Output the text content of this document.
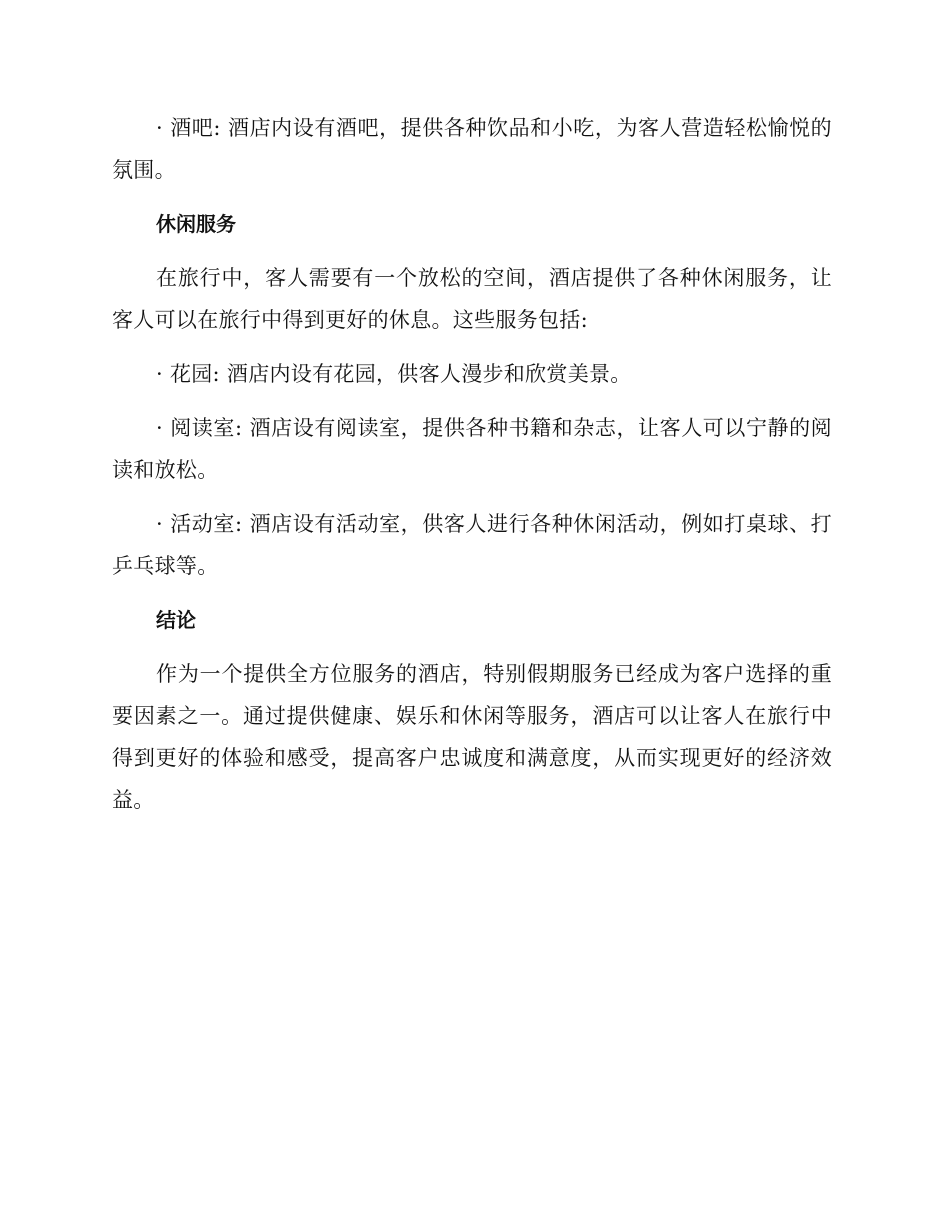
· 酒吧: 酒店内设有酒吧，提供各种饮品和小吃，为客人营造轻松愉悦的氛围。

休闲服务

在旅行中，客人需要有一个放松的空间，酒店提供了各种休闲服务，让客人可以在旅行中得到更好的休息。这些服务包括:

· 花园: 酒店内设有花园，供客人漫步和欣赏美景。

· 阅读室: 酒店设有阅读室，提供各种书籍和杂志，让客人可以宁静的阅读和放松。

· 活动室: 酒店设有活动室，供客人进行各种休闲活动，例如打桌球、打乒乓球等。

结论

作为一个提供全方位服务的酒店，特别假期服务已经成为客户选择的重要因素之一。通过提供健康、娱乐和休闲等服务，酒店可以让客人在旅行中得到更好的体验和感受，提高客户忠诚度和满意度，从而实现更好的经济效益。
